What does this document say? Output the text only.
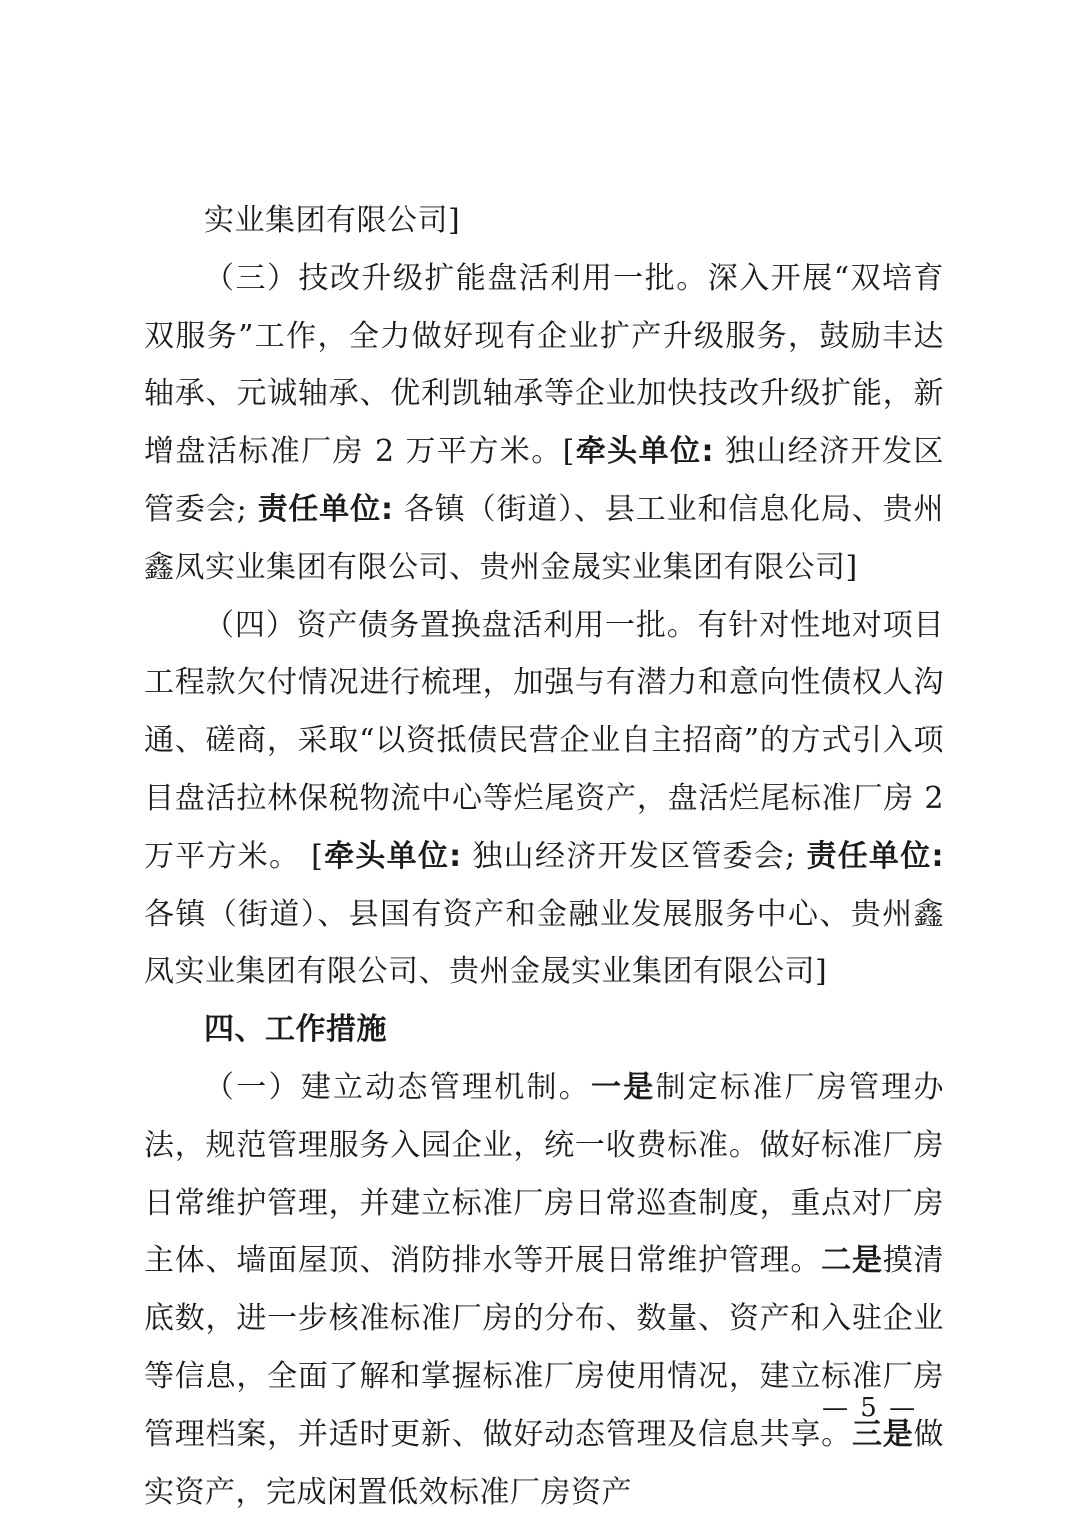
实业集团有限公司]

（三）技改升级扩能盘活利用一批。深入开展“双培育双服务”工作，全力做好现有企业扩产升级服务，鼓励丰达轴承、元诚轴承、优利凯轴承等企业加快技改升级扩能，新增盘活标准厂房 2 万平方米。[牵头单位: 独山经济开发区管委会; 责任单位: 各镇（街道）、县工业和信息化局、贵州鑫凤实业集团有限公司、贵州金晟实业集团有限公司]

（四）资产债务置换盘活利用一批。有针对性地对项目工程款欠付情况进行梳理，加强与有潜力和意向性债权人沟通、磋商，采取“以资抵债民营企业自主招商”的方式引入项目盘活拉林保税物流中心等烂尾资产，盘活烂尾标准厂房 2 万平方米。 [牵头单位: 独山经济开发区管委会; 责任单位: 各镇（街道）、县国有资产和金融业发展服务中心、贵州鑫凤实业集团有限公司、贵州金晟实业集团有限公司]

四、工作措施

（一）建立动态管理机制。一是制定标准厂房管理办法，规范管理服务入园企业，统一收费标准。做好标准厂房日常维护管理，并建立标准厂房日常巡查制度，重点对厂房主体、墙面屋顶、消防排水等开展日常维护管理。二是摸清底数，进一步核准标准厂房的分布、数量、资产和入驻企业等信息，全面了解和掌握标准厂房使用情况，建立标准厂房管理档案，并适时更新、做好动态管理及信息共享。三是做实资产，完成闲置低效标准厂房资产

— 5 —
